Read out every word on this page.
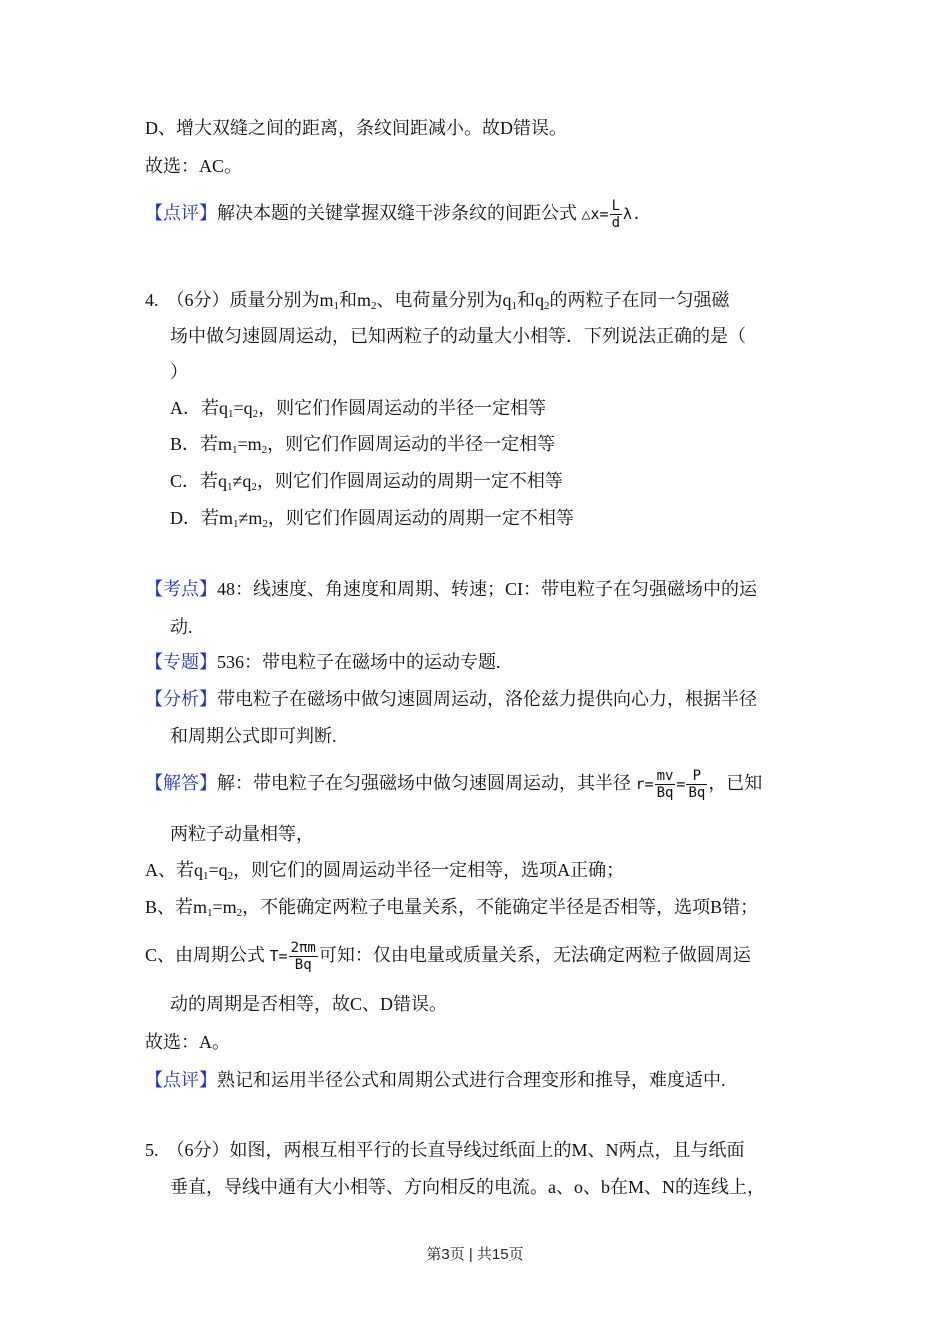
D、增大双缝之间的距离，条纹间距减小。故D错误。
故选：AC。
【点评】解决本题的关键掌握双缝干涉条纹的间距公式 △x= $\frac{L}{d} \lambda$.
4. （6分）质量分别为$m_1$和$m_2$、电荷量分别为$q_1$和$q_2$的两粒子在同一匀强磁
场中做匀速圆周运动，已知两粒子的动量大小相等．下列说法正确的是（
）
A．若$q_1=q_2$，则它们作圆周运动的半径一定相等
B．若$m_1=m_2$，则它们作圆周运动的半径一定相等
C．若$q_1\ne q_2$，则它们作圆周运动的周期一定不相等
D．若$m_1\ne m_2$，则它们作圆周运动的周期一定不相等
【考点】48：线速度、角速度和周期、转速；CI：带电粒子在匀强磁场中的运
动.
【专题】536：带电粒子在磁场中的运动专题.
【分析】带电粒子在磁场中做匀速圆周运动，洛伦兹力提供向心力，根据半径
和周期公式即可判断.
【解答】解：带电粒子在匀强磁场中做匀速圆周运动，其半径 $r= \frac{mv}{Bq} = \frac{P}{Bq}$ ，已知
两粒子动量相等，
A、若$q_1=q_2$，则它们的圆周运动半径一定相等，选项A正确；
B、若$m_1=m_2$，不能确定两粒子电量关系，不能确定半径是否相等，选项B错；
C、由周期公式 $T= \frac{2\pi m}{Bq}$ 可知：仅由电量或质量关系，无法确定两粒子做圆周运
动的周期是否相等，故C、D错误。
故选：A。
【点评】熟记和运用半径公式和周期公式进行合理变形和推导，难度适中.
5. （6分）如图，两根互相平行的长直导线过纸面上的M、N两点，且与纸面
垂直，导线中通有大小相等、方向相反的电流。a、o、b在M、N的连线上，
第3页 | 共15页
